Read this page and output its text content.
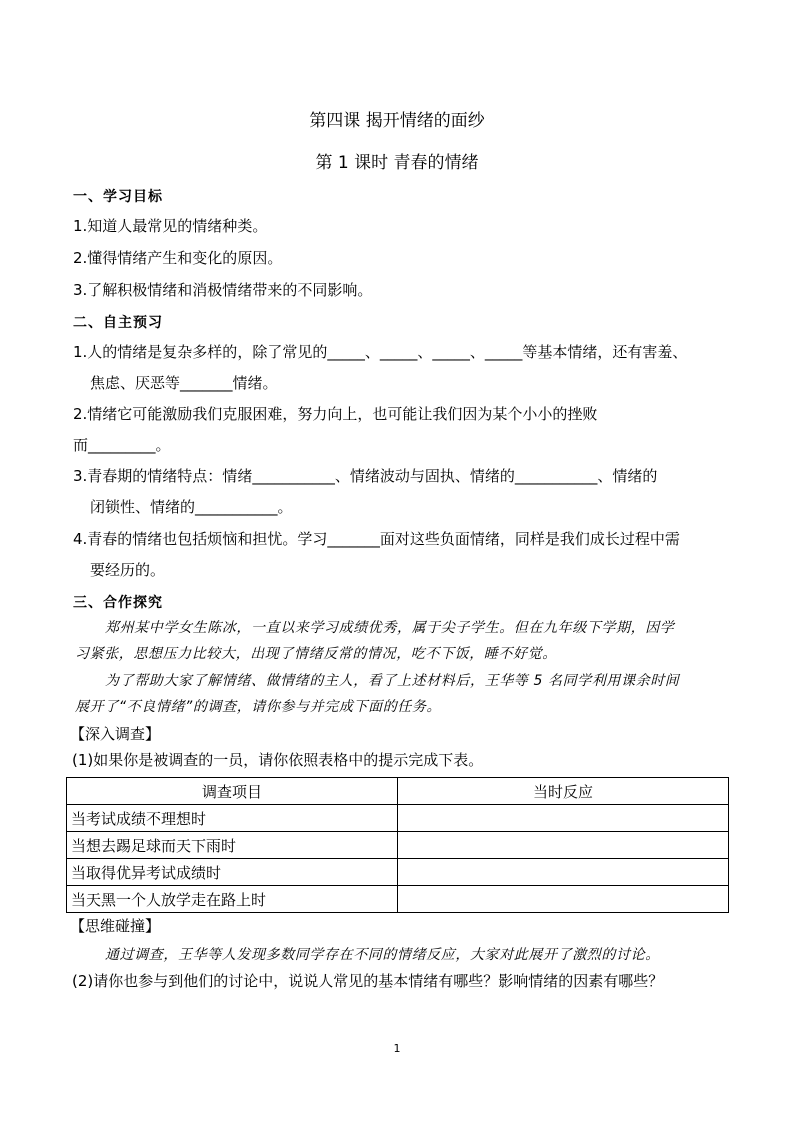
第四课 揭开情绪的面纱
第 1 课时 青春的情绪
一、学习目标
1.知道人最常见的情绪种类。
2.懂得情绪产生和变化的原因。
3.了解积极情绪和消极情绪带来的不同影响。
二、自主预习
1.人的情绪是复杂多样的，除了常见的_____、_____、_____、_____等基本情绪，还有害羞、
焦虑、厌恶等_______情绪。
2.情绪它可能激励我们克服困难，努力向上，也可能让我们因为某个小小的挫败
而_________。
3.青春期的情绪特点：情绪___________、情绪波动与固执、情绪的___________、情绪的
闭锁性、情绪的___________。
4.青春的情绪也包括烦恼和担忧。学习_______面对这些负面情绪，同样是我们成长过程中需
要经历的。
三、合作探究
郑州某中学女生陈冰，一直以来学习成绩优秀，属于尖子学生。但在九年级下学期，因学
习紧张，思想压力比较大，出现了情绪反常的情况，吃不下饭，睡不好觉。
为了帮助大家了解情绪、做情绪的主人，看了上述材料后，王华等 5 名同学利用课余时间
展开了“不良情绪”的调查，请你参与并完成下面的任务。
【深入调查】
(1)如果你是被调查的一员，请你依照表格中的提示完成下表。
调查项目	当时反应
当考试成绩不理想时	
当想去踢足球而天下雨时	
当取得优异考试成绩时	
当天黑一个人放学走在路上时	
【思维碰撞】
通过调查，王华等人发现多数同学存在不同的情绪反应，大家对此展开了激烈的讨论。
(2)请你也参与到他们的讨论中，说说人常见的基本情绪有哪些？影响情绪的因素有哪些？
1
